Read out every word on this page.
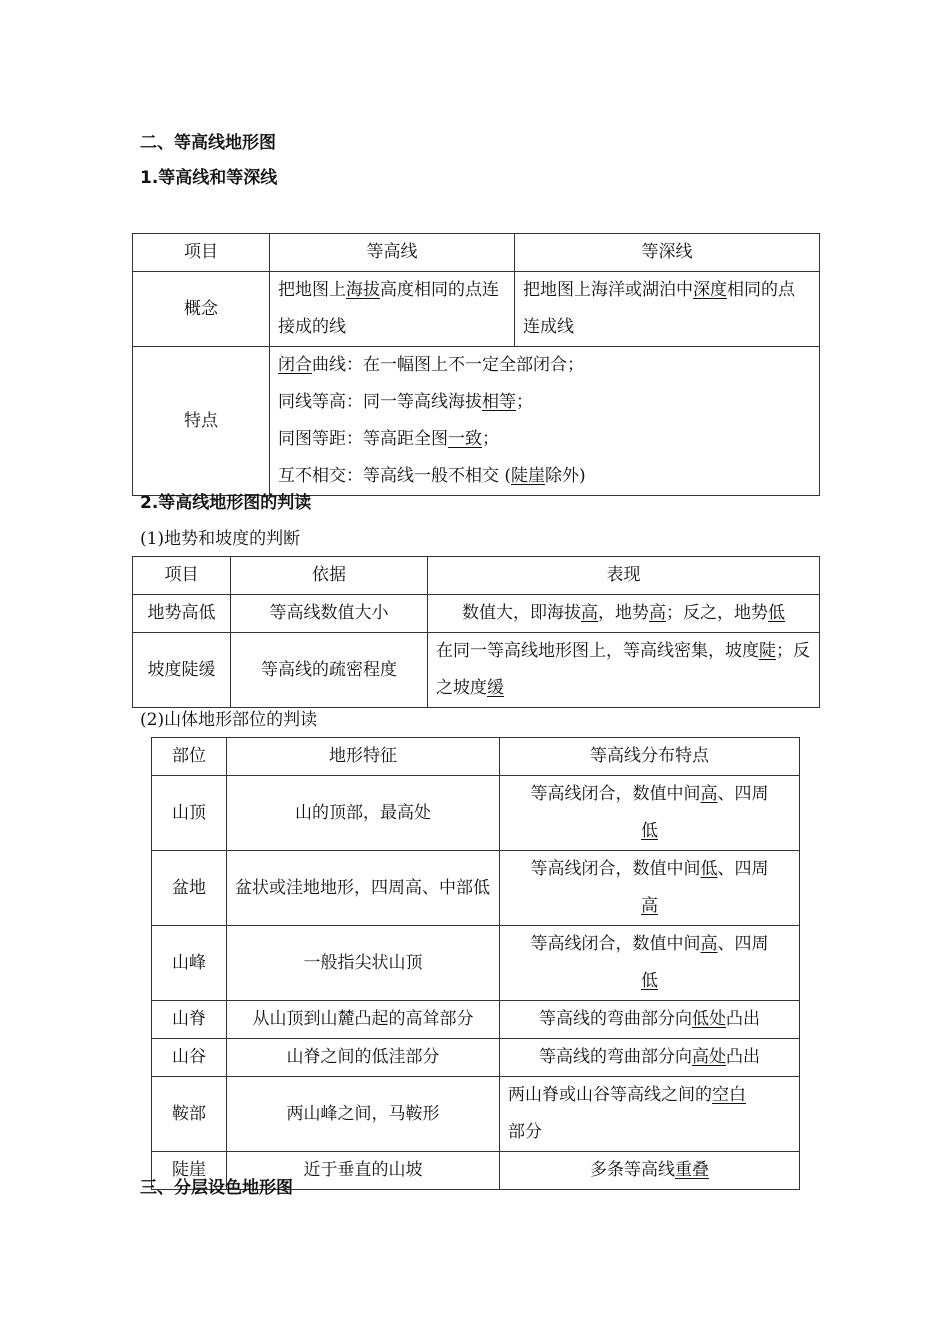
二、等高线地形图
1.等高线和等深线
项目	等高线	等深线
概念	把地图上海拔高度相同的点连接成的线	把地图上海洋或湖泊中深度相同的点连成线
特点	闭合曲线：在一幅图上不一定全部闭合；
同线等高：同一等高线海拔相等；
同图等距：等高距全图一致；
互不相交：等高线一般不相交 (陡崖除外)	
2.等高线地形图的判读
(1)地势和坡度的判断
项目	依据	表现
地势高低	等高线数值大小	数值大，即海拔高，地势高；反之，地势低
坡度陡缓	等高线的疏密程度	在同一等高线地形图上，等高线密集，坡度陡；反之坡度缓
(2)山体地形部位的判读
部位	地形特征	等高线分布特点
山顶	山的顶部，最高处	等高线闭合，数值中间高、四周
低
盆地	盆状或洼地地形，四周高、中部低	等高线闭合，数值中间低、四周
高
山峰	一般指尖状山顶	等高线闭合，数值中间高、四周
低
山脊	从山顶到山麓凸起的高耸部分	等高线的弯曲部分向低处凸出
山谷	山脊之间的低洼部分	等高线的弯曲部分向高处凸出
鞍部	两山峰之间，马鞍形	两山脊或山谷等高线之间的空白
部分
陡崖	近于垂直的山坡	多条等高线重叠
三、分层设色地形图
